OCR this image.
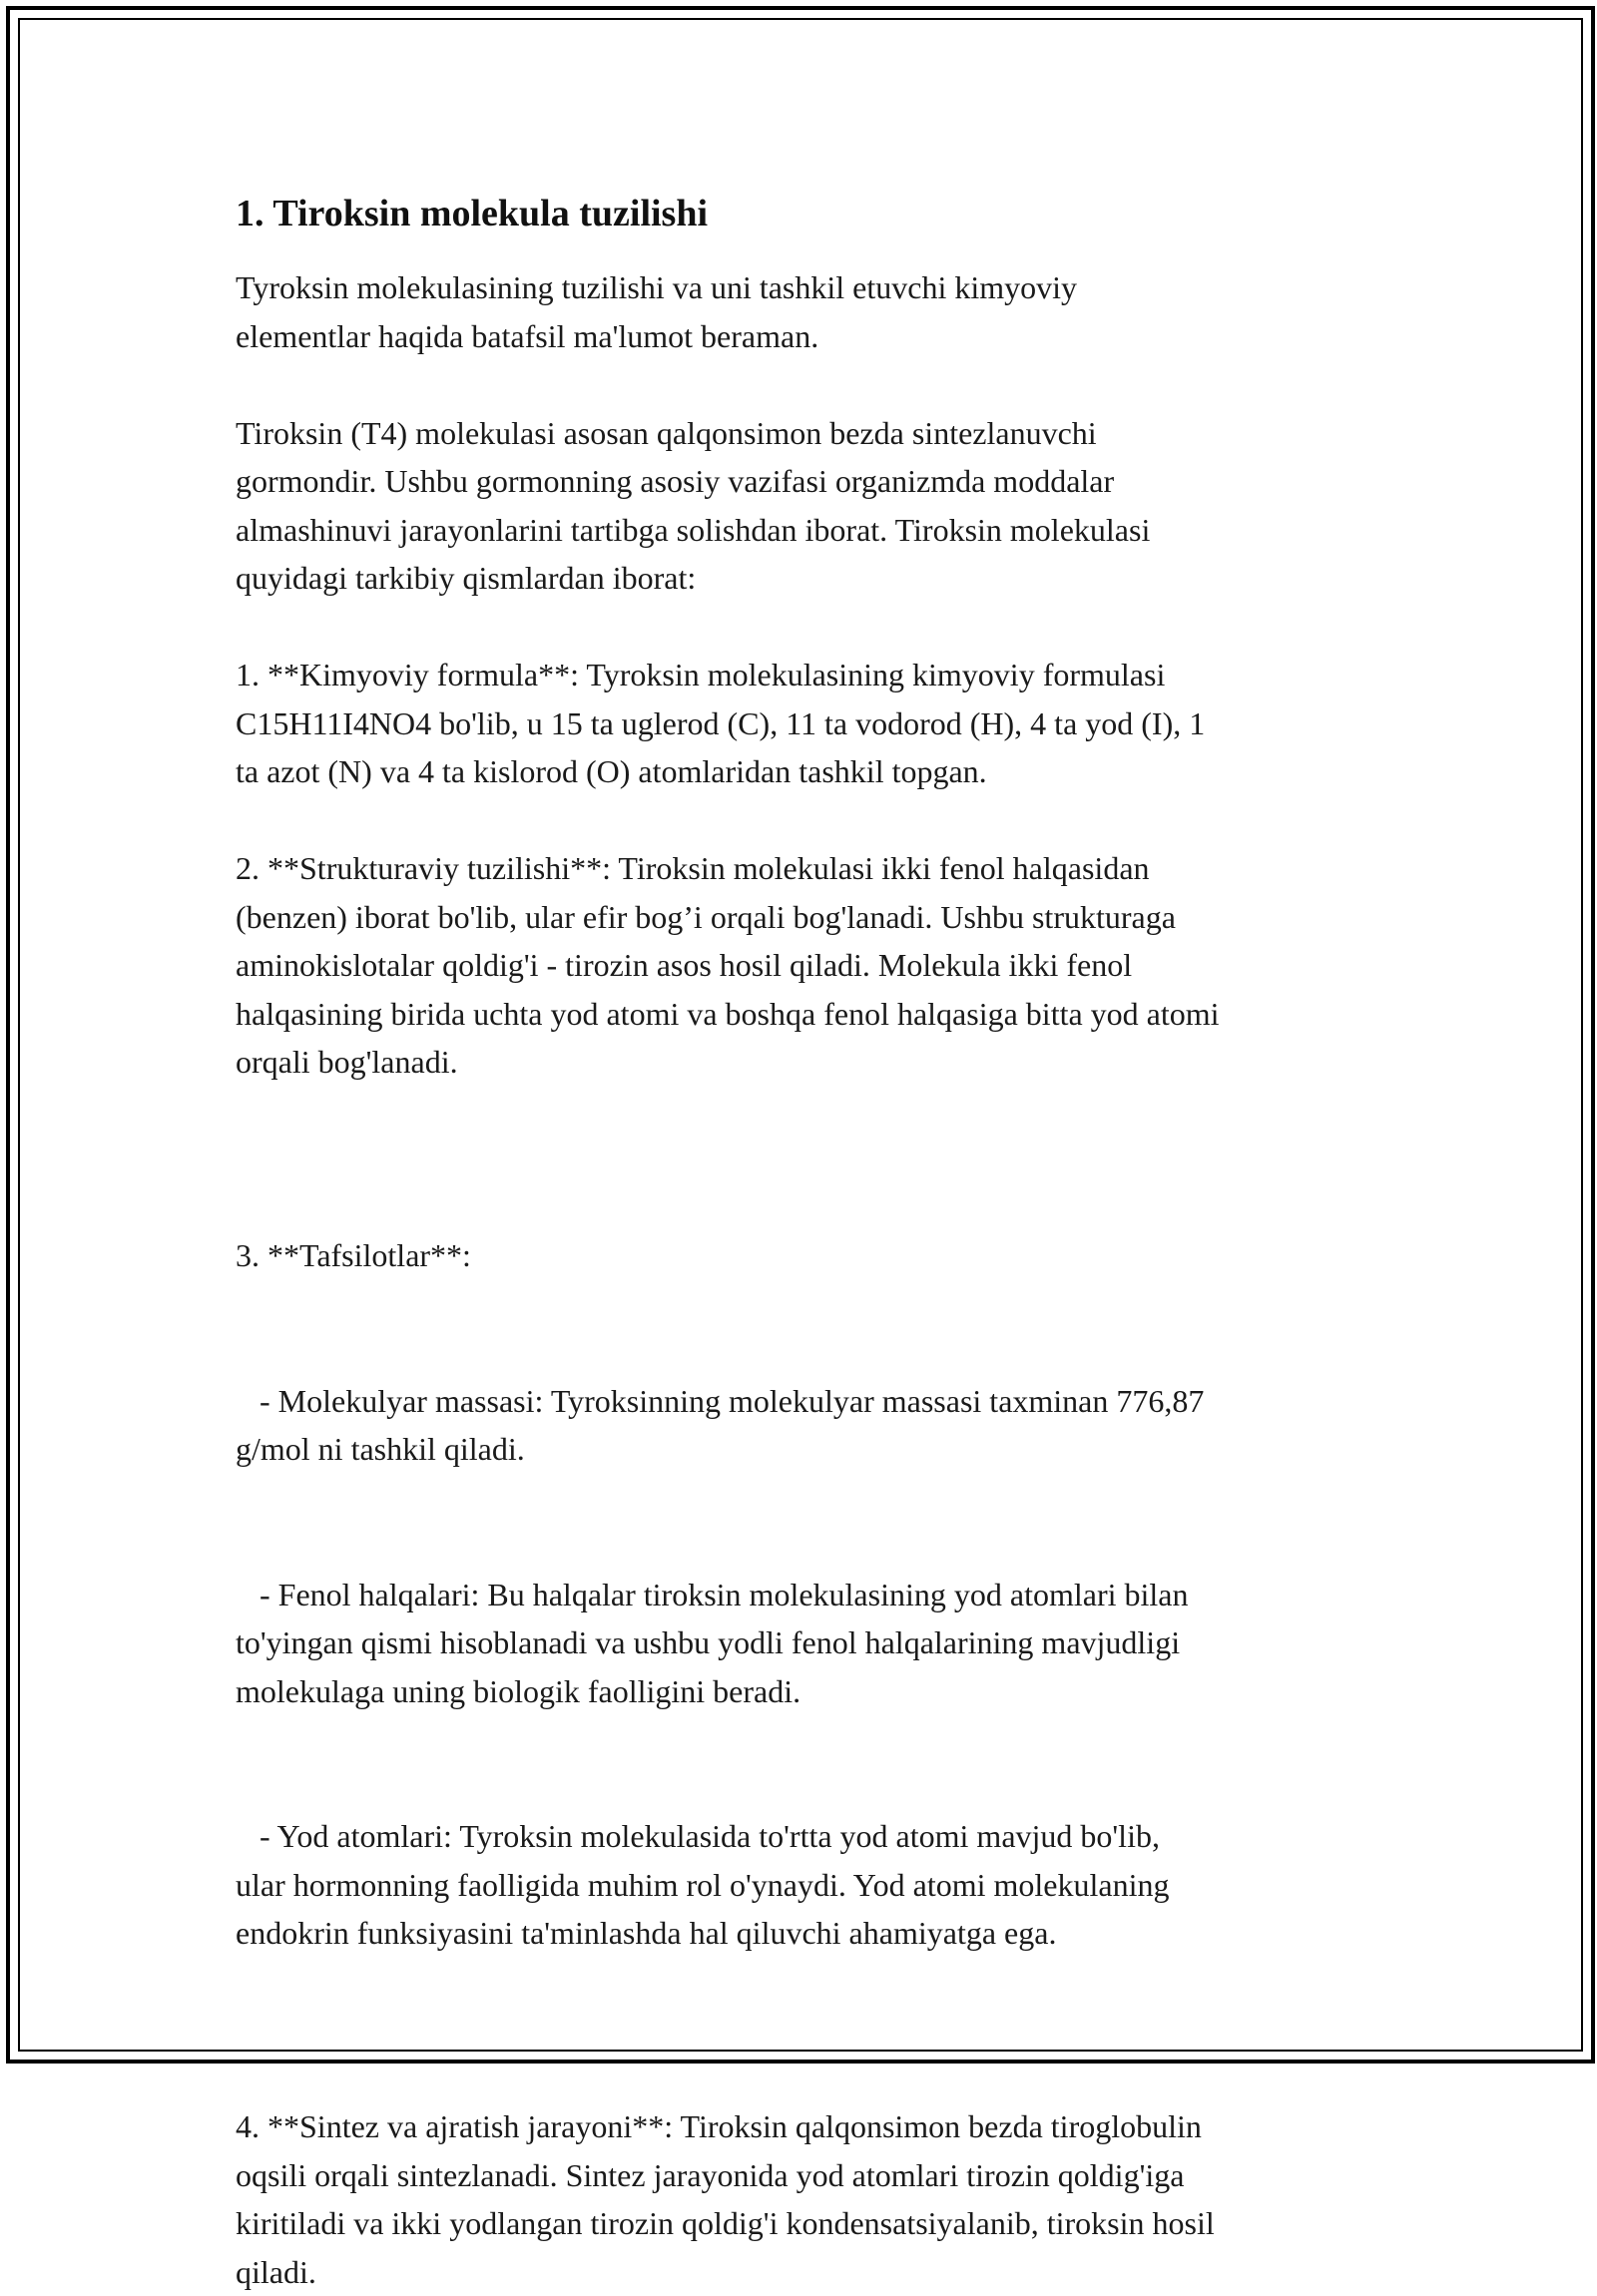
1. Tiroksin molekula tuzilishi
Tyroksin molekulasining tuzilishi va uni tashkil etuvchi kimyoviy
elementlar haqida batafsil ma'lumot beraman.
Tiroksin (T4) molekulasi asosan qalqonsimon bezda sintezlanuvchi
gormondir. Ushbu gormonning asosiy vazifasi organizmda moddalar
almashinuvi jarayonlarini tartibga solishdan iborat. Tiroksin molekulasi
quyidagi tarkibiy qismlardan iborat:
1. **Kimyoviy formula**: Tyroksin molekulasining kimyoviy formulasi
C15H11I4NO4 bo'lib, u 15 ta uglerod (C), 11 ta vodorod (H), 4 ta yod (I), 1
ta azot (N) va 4 ta kislorod (O) atomlaridan tashkil topgan.
2. **Strukturaviy tuzilishi**: Tiroksin molekulasi ikki fenol halqasidan
(benzen) iborat bo'lib, ular efir bog’i orqali bog'lanadi. Ushbu strukturaga
aminokislotalar qoldig'i - tirozin asos hosil qiladi. Molekula ikki fenol
halqasining birida uchta yod atomi va boshqa fenol halqasiga bitta yod atomi
orqali bog'lanadi.

3. **Tafsilotlar**:

- Molekulyar massasi: Tyroksinning molekulyar massasi taxminan 776,87
g/mol ni tashkil qiladi.

- Fenol halqalari: Bu halqalar tiroksin molekulasining yod atomlari bilan
to'yingan qismi hisoblanadi va ushbu yodli fenol halqalarining mavjudligi
molekulaga uning biologik faolligini beradi.

- Yod atomlari: Tyroksin molekulasida to'rtta yod atomi mavjud bo'lib,
ular hormonning faolligida muhim rol o'ynaydi. Yod atomi molekulaning
endokrin funksiyasini ta'minlashda hal qiluvchi ahamiyatga ega.

4. **Sintez va ajratish jarayoni**: Tiroksin qalqonsimon bezda tiroglobulin
oqsili orqali sintezlanadi. Sintez jarayonida yod atomlari tirozin qoldig'iga
kiritiladi va ikki yodlangan tirozin qoldig'i kondensatsiyalanib, tiroksin hosil
qiladi.
